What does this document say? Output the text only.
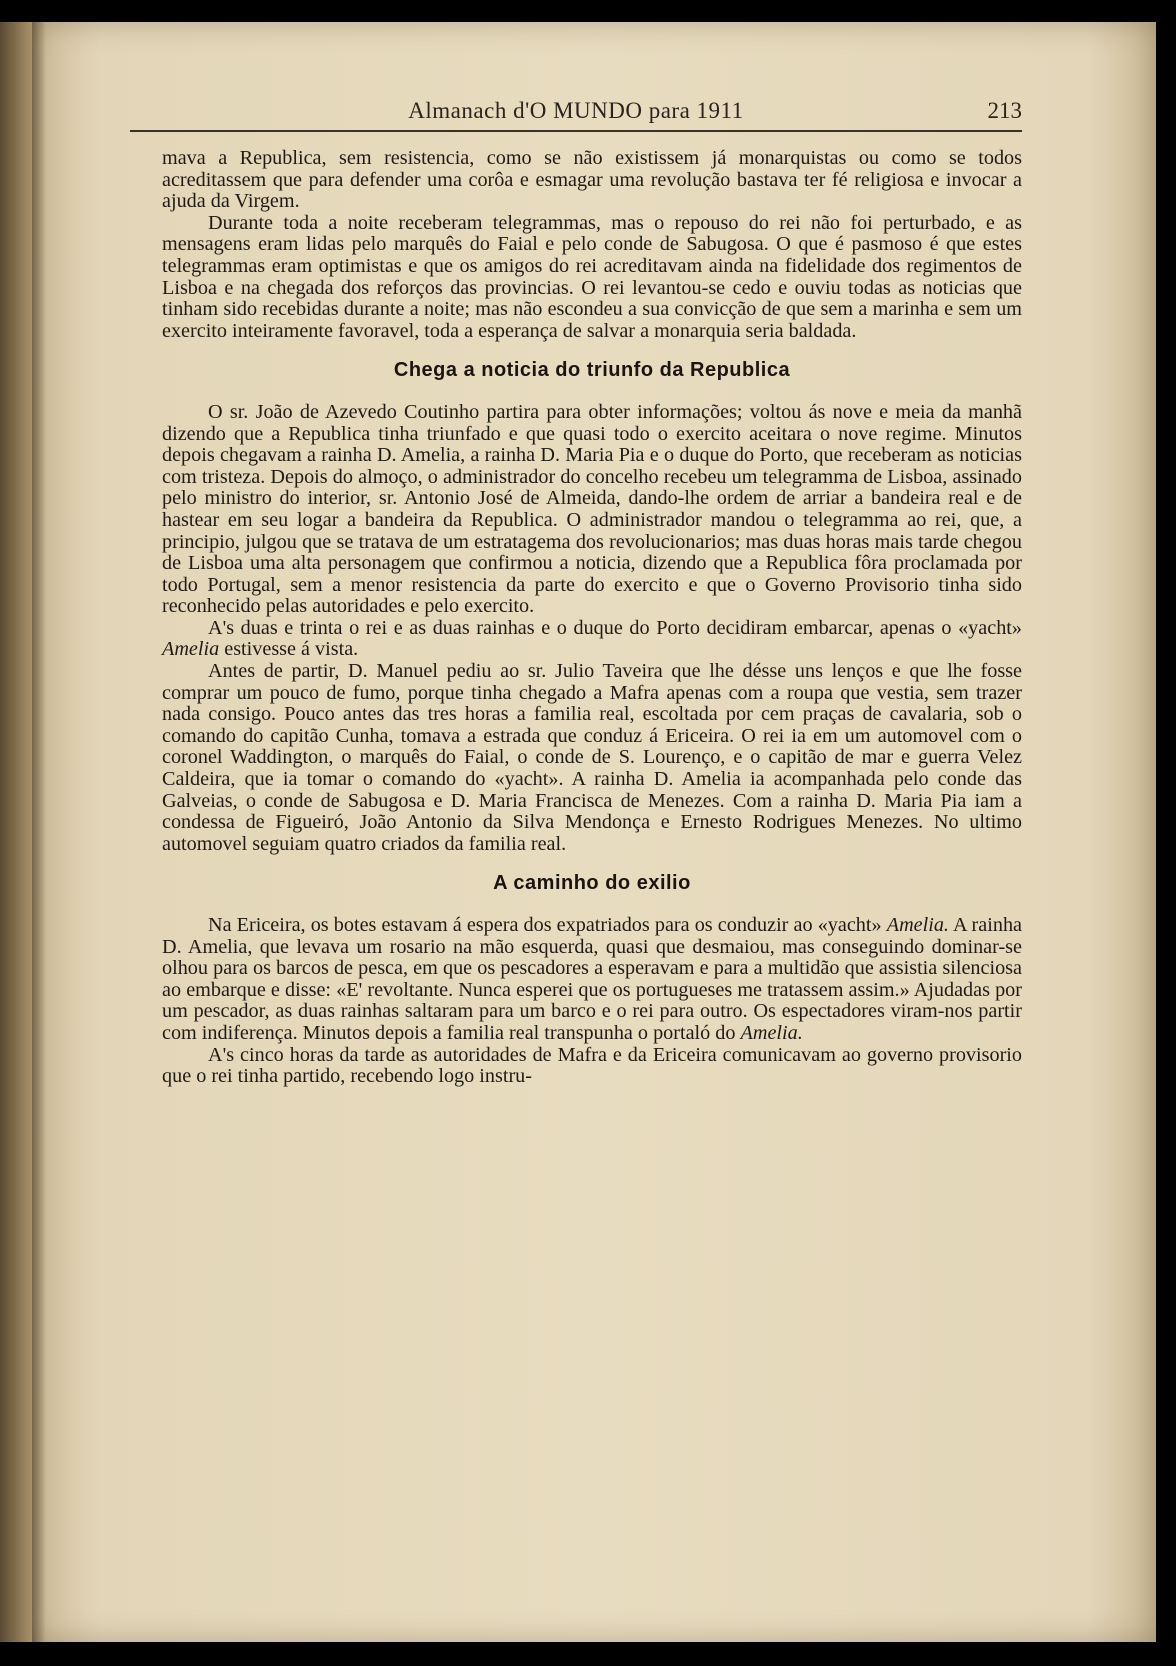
Almanach d'O MUNDO para 1911	213

mava a Republica, sem resistencia, como se não existissem já monarquistas ou como se todos acreditassem que para defender uma corôa e esmagar uma revolução bastava ter fé religiosa e invocar a ajuda da Virgem.

Durante toda a noite receberam telegrammas, mas o repouso do rei não foi perturbado, e as mensagens eram lidas pelo marquês do Faial e pelo conde de Sabugosa. O que é pasmoso é que estes telegrammas eram optimistas e que os amigos do rei acreditavam ainda na fidelidade dos regimentos de Lisboa e na chegada dos reforços das provincias. O rei levantou-se cedo e ouviu todas as noticias que tinham sido recebidas durante a noite; mas não escondeu a sua convicção de que sem a marinha e sem um exercito inteiramente favoravel, toda a esperança de salvar a monarquia seria baldada.

Chega a noticia do triunfo da Republica

O sr. João de Azevedo Coutinho partira para obter informações; voltou ás nove e meia da manhã dizendo que a Republica tinha triunfado e que quasi todo o exercito aceitara o nove regime. Minutos depois chegavam a rainha D. Amelia, a rainha D. Maria Pia e o duque do Porto, que receberam as noticias com tristeza. Depois do almoço, o administrador do concelho recebeu um telegramma de Lisboa, assinado pelo ministro do interior, sr. Antonio José de Almeida, dando-lhe ordem de arriar a bandeira real e de hastear em seu logar a bandeira da Republica. O administrador mandou o telegramma ao rei, que, a principio, julgou que se tratava de um estratagema dos revolucionarios; mas duas horas mais tarde chegou de Lisboa uma alta personagem que confirmou a noticia, dizendo que a Republica fôra proclamada por todo Portugal, sem a menor resistencia da parte do exercito e que o Governo Provisorio tinha sido reconhecido pelas autoridades e pelo exercito.

A's duas e trinta o rei e as duas rainhas e o duque do Porto decidiram embarcar, apenas o «yacht» Amelia estivesse á vista.

Antes de partir, D. Manuel pediu ao sr. Julio Taveira que lhe désse uns lenços e que lhe fosse comprar um pouco de fumo, porque tinha chegado a Mafra apenas com a roupa que vestia, sem trazer nada consigo. Pouco antes das tres horas a familia real, escoltada por cem praças de cavalaria, sob o comando do capitão Cunha, tomava a estrada que conduz á Ericeira. O rei ia em um automovel com o coronel Waddington, o marquês do Faial, o conde de S. Lourenço, e o capitão de mar e guerra Velez Caldeira, que ia tomar o comando do «yacht». A rainha D. Amelia ia acompanhada pelo conde das Galveias, o conde de Sabugosa e D. Maria Francisca de Menezes. Com a rainha D. Maria Pia iam a condessa de Figueiró, João Antonio da Silva Mendonça e Ernesto Rodrigues Menezes. No ultimo automovel seguiam quatro criados da familia real.

A caminho do exilio

Na Ericeira, os botes estavam á espera dos expatriados para os conduzir ao «yacht» Amelia. A rainha D. Amelia, que levava um rosario na mão esquerda, quasi que desmaiou, mas conseguindo dominar-se olhou para os barcos de pesca, em que os pescadores a esperavam e para a multidão que assistia silenciosa ao embarque e disse: «E' revoltante. Nunca esperei que os portugueses me tratassem assim.» Ajudadas por um pescador, as duas rainhas saltaram para um barco e o rei para outro. Os espectadores viram-nos partir com indiferença. Minutos depois a familia real transpunha o portaló do Amelia.

A's cinco horas da tarde as autoridades de Mafra e da Ericeira comunicavam ao governo provisorio que o rei tinha partido, recebendo logo instru-
